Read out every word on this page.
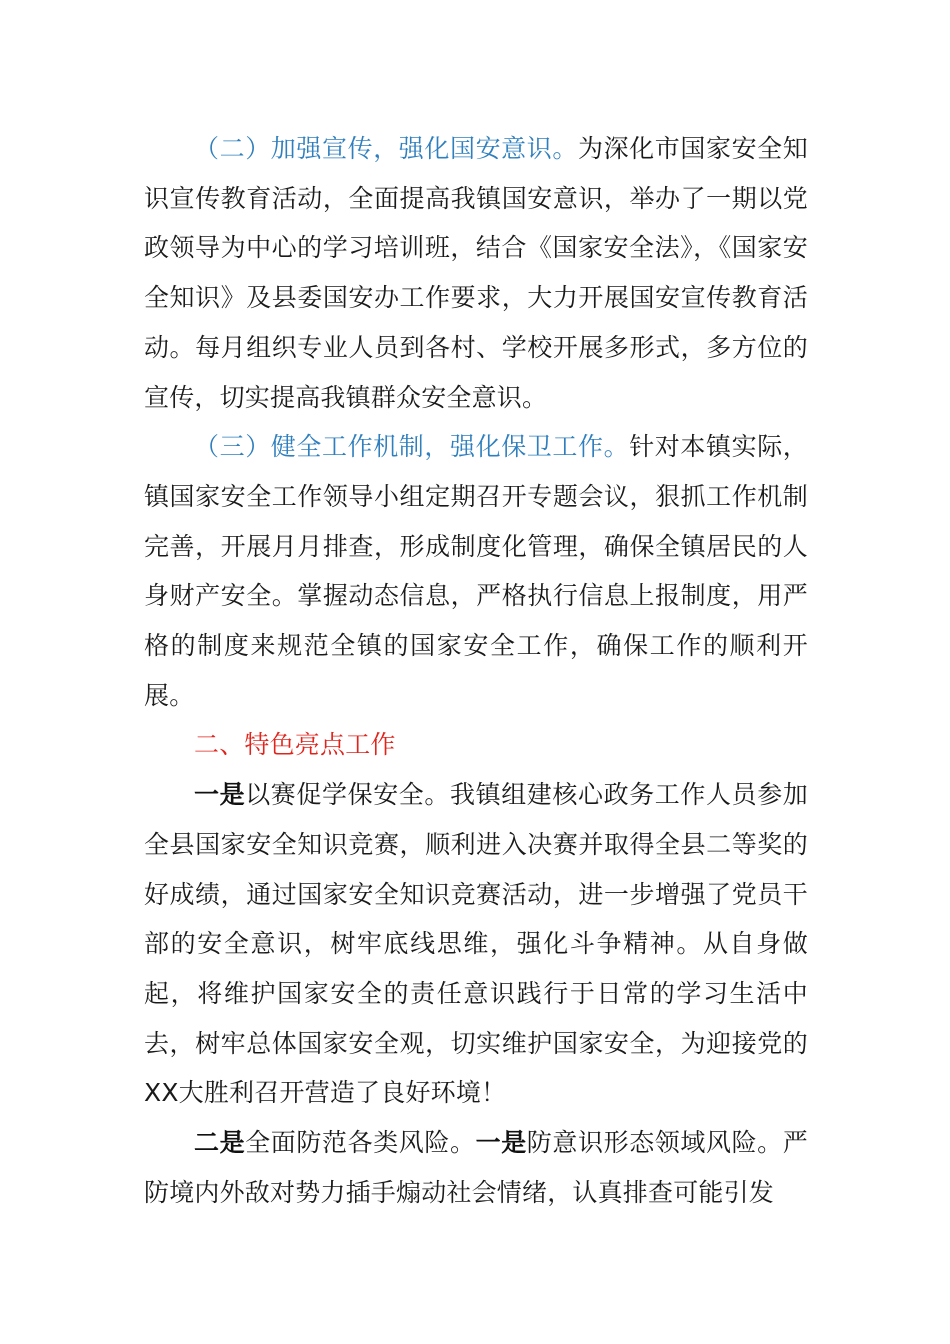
（二）加强宣传，强化国安意识。为深化市国家安全知识宣传教育活动，全面提高我镇国安意识，举办了一期以党政领导为中心的学习培训班，结合《国家安全法》，《国家安全知识》及县委国安办工作要求，大力开展国安宣传教育活动。每月组织专业人员到各村、学校开展多形式，多方位的宣传，切实提高我镇群众安全意识。

（三）健全工作机制，强化保卫工作。针对本镇实际，镇国家安全工作领导小组定期召开专题会议，狠抓工作机制完善，开展月月排查，形成制度化管理，确保全镇居民的人身财产安全。掌握动态信息，严格执行信息上报制度，用严格的制度来规范全镇的国家安全工作，确保工作的顺利开展。

二、特色亮点工作

一是以赛促学保安全。我镇组建核心政务工作人员参加全县国家安全知识竞赛，顺利进入决赛并取得全县二等奖的好成绩，通过国家安全知识竞赛活动，进一步增强了党员干部的安全意识，树牢底线思维，强化斗争精神。从自身做起，将维护国家安全的责任意识践行于日常的学习生活中去，树牢总体国家安全观，切实维护国家安全，为迎接党的XX大胜利召开营造了良好环境！

二是全面防范各类风险。一是防意识形态领域风险。严防境内外敌对势力插手煽动社会情绪，认真排查可能引发
